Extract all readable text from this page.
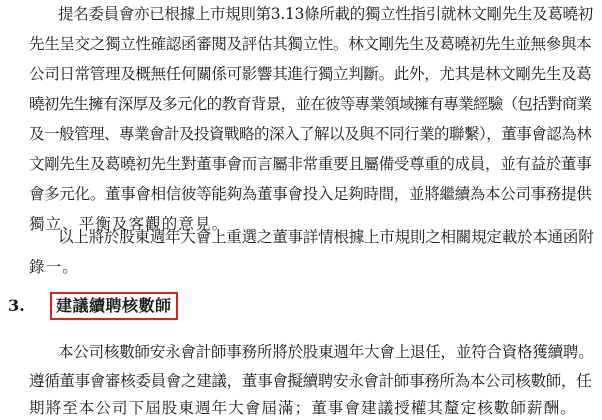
提名委員會亦已根據上市規則第3.13條所載的獨立性指引就林文剛先生及葛曉初
先生呈交之獨立性確認函審閱及評估其獨立性。林文剛先生及葛曉初先生並無參與本
公司日常管理及概無任何關係可影響其進行獨立判斷。此外，尤其是林文剛先生及葛
曉初先生擁有深厚及多元化的教育背景，並在彼等專業領域擁有專業經驗（包括對商業
及一般管理、專業會計及投資戰略的深入了解以及與不同行業的聯繫），董事會認為林
文剛先生及葛曉初先生對董事會而言屬非常重要且屬備受尊重的成員，並有益於董事
會多元化。董事會相信彼等能夠為董事會投入足夠時間，並將繼續為本公司事務提供
獨立、平衡及客觀的意見。
以上將於股東週年大會上重選之董事詳情根據上市規則之相關規定載於本通函附
錄一。
3.	建議續聘核數師
本公司核數師安永會計師事務所將於股東週年大會上退任，並符合資格獲續聘。
遵循董事會審核委員會之建議，董事會擬續聘安永會計師事務所為本公司核數師，任
期將至本公司下屆股東週年大會屆滿；董事會建議授權其釐定核數師薪酬。
